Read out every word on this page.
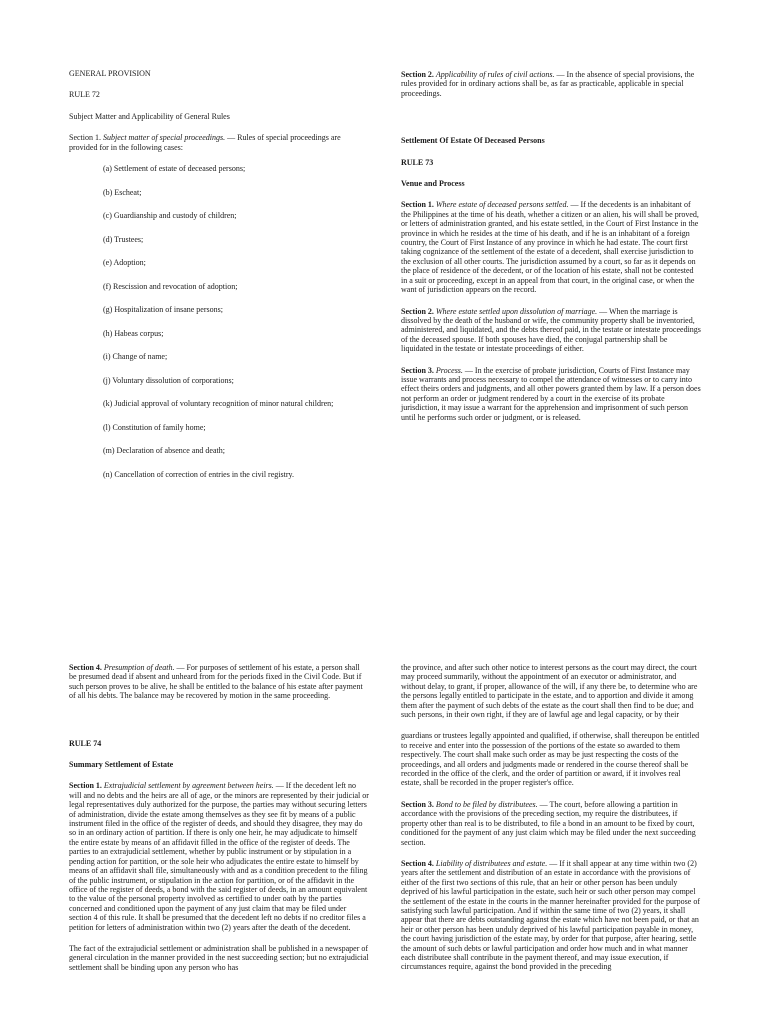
GENERAL PROVISION

RULE 72

Subject Matter and Applicability of General Rules

Section 1. Subject matter of special proceedings. — Rules of special proceedings are provided for in the following cases:

(a) Settlement of estate of deceased persons;

(b) Escheat;

(c) Guardianship and custody of children;

(d) Trustees;

(e) Adoption;

(f) Rescission and revocation of adoption;

(g) Hospitalization of insane persons;

(h) Habeas corpus;

(i) Change of name;

(j) Voluntary dissolution of corporations;

(k) Judicial approval of voluntary recognition of minor natural children;

(l) Constitution of family home;

(m) Declaration of absence and death;

(n) Cancellation of correction of entries in the civil registry.

Section 2. Applicability of rules of civil actions. — In the absence of special provisions, the rules provided for in ordinary actions shall be, as far as practicable, applicable in special proceedings.

Settlement Of Estate Of Deceased Persons

RULE 73

Venue and Process

Section 1. Where estate of deceased persons settled. — If the decedents is an inhabitant of the Philippines at the time of his death, whether a citizen or an alien, his will shall be proved, or letters of administration granted, and his estate settled, in the Court of First Instance in the province in which he resides at the time of his death, and if he is an inhabitant of a foreign country, the Court of First Instance of any province in which he had estate. The court first taking cognizance of the settlement of the estate of a decedent, shall exercise jurisdiction to the exclusion of all other courts. The jurisdiction assumed by a court, so far as it depends on the place of residence of the decedent, or of the location of his estate, shall not be contested in a suit or proceeding, except in an appeal from that court, in the original case, or when the want of jurisdiction appears on the record.

Section 2. Where estate settled upon dissolution of marriage. — When the marriage is dissolved by the death of the husband or wife, the community property shall be inventoried, administered, and liquidated, and the debts thereof paid, in the testate or intestate proceedings of the deceased spouse. If both spouses have died, the conjugal partnership shall be liquidated in the testate or intestate proceedings of either.

Section 3. Process. — In the exercise of probate jurisdiction, Courts of First Instance may issue warrants and process necessary to compel the attendance of witnesses or to carry into effect theirs orders and judgments, and all other powers granted them by law. If a person does not perform an order or judgment rendered by a court in the exercise of its probate jurisdiction, it may issue a warrant for the apprehension and imprisonment of such person until he performs such order or judgment, or is released.

Section 4. Presumption of death. — For purposes of settlement of his estate, a person shall be presumed dead if absent and unheard from for the periods fixed in the Civil Code. But if such person proves to be alive, he shall be entitled to the balance of his estate after payment of all his debts. The balance may be recovered by motion in the same proceeding.

RULE 74

Summary Settlement of Estate

Section 1. Extrajudicial settlement by agreement between heirs. — If the decedent left no will and no debts and the heirs are all of age, or the minors are represented by their judicial or legal representatives duly authorized for the purpose, the parties may without securing letters of administration, divide the estate among themselves as they see fit by means of a public instrument filed in the office of the register of deeds, and should they disagree, they may do so in an ordinary action of partition. If there is only one heir, he may adjudicate to himself the entire estate by means of an affidavit filled in the office of the register of deeds. The parties to an extrajudicial settlement, whether by public instrument or by stipulation in a pending action for partition, or the sole heir who adjudicates the entire estate to himself by means of an affidavit shall file, simultaneously with and as a condition precedent to the filing of the public instrument, or stipulation in the action for partition, or of the affidavit in the office of the register of deeds, a bond with the said register of deeds, in an amount equivalent to the value of the personal property involved as certified to under oath by the parties concerned and conditioned upon the payment of any just claim that may be filed under section 4 of this rule. It shall be presumed that the decedent left no debts if no creditor files a petition for letters of administration within two (2) years after the death of the decedent.

The fact of the extrajudicial settlement or administration shall be published in a newspaper of general circulation in the manner provided in the nest succeeding section; but no extrajudicial settlement shall be binding upon any person who has

the province, and after such other notice to interest persons as the court may direct, the court may proceed summarily, without the appointment of an executor or administrator, and without delay, to grant, if proper, allowance of the will, if any there be, to determine who are the persons legally entitled to participate in the estate, and to apportion and divide it among them after the payment of such debts of the estate as the court shall then find to be due; and such persons, in their own right, if they are of lawful age and legal capacity, or by their

guardians or trustees legally appointed and qualified, if otherwise, shall thereupon be entitled to receive and enter into the possession of the portions of the estate so awarded to them respectively. The court shall make such order as may be just respecting the costs of the proceedings, and all orders and judgments made or rendered in the course thereof shall be recorded in the office of the clerk, and the order of partition or award, if it involves real estate, shall be recorded in the proper register's office.

Section 3. Bond to be filed by distributees. — The court, before allowing a partition in accordance with the provisions of the preceding section, my require the distributees, if property other than real is to be distributed, to file a bond in an amount to be fixed by court, conditioned for the payment of any just claim which may be filed under the next succeeding section.

Section 4. Liability of distributees and estate. — If it shall appear at any time within two (2) years after the settlement and distribution of an estate in accordance with the provisions of either of the first two sections of this rule, that an heir or other person has been unduly deprived of his lawful participation in the estate, such heir or such other person may compel the settlement of the estate in the courts in the manner hereinafter provided for the purpose of satisfying such lawful participation. And if within the same time of two (2) years, it shall appear that there are debts outstanding against the estate which have not been paid, or that an heir or other person has been unduly deprived of his lawful participation payable in money, the court having jurisdiction of the estate may, by order for that purpose, after hearing, settle the amount of such debts or lawful participation and order how much and in what manner each distributee shall contribute in the payment thereof, and may issue execution, if circumstances require, against the bond provided in the preceding
